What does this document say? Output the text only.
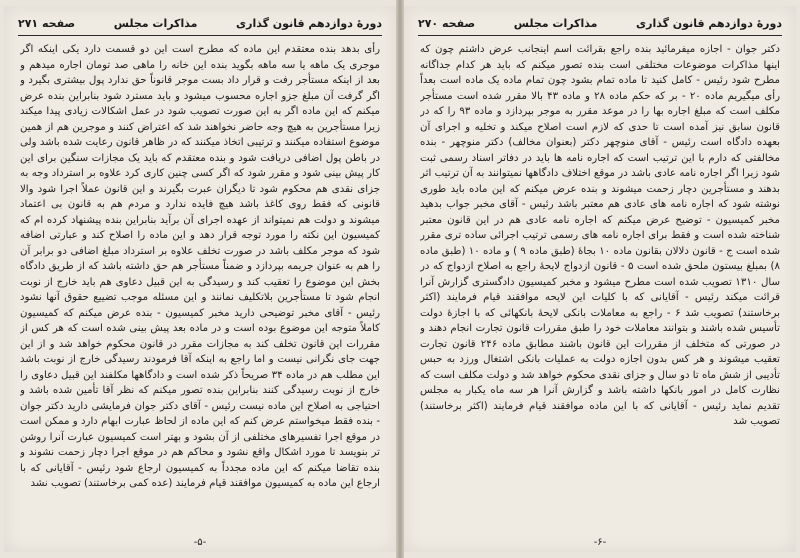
دورهٔ دوازدهم قانون گذاری
مذاکرات مجلس
صفحه ۲۷۱

رأی بدهد بنده معتقدم این ماده که مطرح است این دو قسمت دارد یکی اینکه اگر موجری یک ماهه یا سه ماهه بگوید بنده این خانه را ماهی صد تومان اجاره میدهم و بعد از اینکه مستأجر رفت و قرار داد بست موجر قانوناً حق ندارد پول بیشتری بگیرد و اگر گرفت آن مبلغ جزو اجاره محسوب میشود و باید مسترد شود بنابراین بنده عرض میکنم که این ماده اگر به این صورت تصویب شود در عمل اشکالات زیادی پیدا میکند زیرا مستأجرین به هیچ وجه حاضر نخواهند شد که اعتراض کنند و موجرین هم از همین موضوع استفاده میکنند و ترتیبی اتخاذ میکنند که در ظاهر قانون رعایت شده باشد ولی در باطن پول اضافی دریافت شود و بنده معتقدم که باید یک مجازات سنگین برای این کار پیش بینی شود و مقرر شود که اگر کسی چنین کاری کرد علاوه بر استرداد وجه به جزای نقدی هم محکوم شود تا دیگران عبرت بگیرند و این قانون عملاً اجرا شود والا قانونی که فقط روی کاغذ باشد هیچ فایده ندارد و مردم هم به قانون بی اعتماد میشوند و دولت هم نمیتواند از عهده اجرای آن برآید بنابراین بنده پیشنهاد کرده ام که کمیسیون این نکته را مورد توجه قرار دهد و این ماده را اصلاح کند و عبارتی اضافه شود که موجر مکلف باشد در صورت تخلف علاوه بر استرداد مبلغ اضافی دو برابر آن را هم به عنوان جریمه بپردازد و ضمناً مستأجر هم حق داشته باشد که از طریق دادگاه بخش این موضوع را تعقیب کند و رسیدگی به این قبیل دعاوی هم باید خارج از نوبت انجام شود تا مستأجرین بلاتکلیف نمانند و این مسئله موجب تضییع حقوق آنها نشود رئیس - آقای مخبر توضیحی دارید مخبر کمیسیون - بنده عرض میکنم که کمیسیون کاملاً متوجه این موضوع بوده است و در ماده بعد پیش بینی شده است که هر کس از مقررات این قانون تخلف کند به مجازات مقرر در قانون محکوم خواهد شد و از این جهت جای نگرانی نیست و اما راجع به اینکه آقا فرمودند رسیدگی خارج از نوبت باشد این مطلب هم در ماده ۳۴ صریحاً ذکر شده است و دادگاهها مکلفند این قبیل دعاوی را خارج از نوبت رسیدگی کنند بنابراین بنده تصور میکنم که نظر آقا تأمین شده باشد و احتیاجی به اصلاح این ماده نیست رئیس - آقای دکتر جوان فرمایشی دارید دکتر جوان - بنده فقط میخواستم عرض کنم که این ماده از لحاظ عبارت ابهام دارد و ممکن است در موقع اجرا تفسیرهای مختلفی از آن بشود و بهتر است کمیسیون عبارت آنرا روشن تر بنویسد تا مورد اشکال واقع نشود و محاکم هم در موقع اجرا دچار زحمت نشوند و بنده تقاضا میکنم که این ماده مجدداً به کمیسیون ارجاع شود رئیس - آقایانی که با ارجاع این ماده به کمیسیون موافقند قیام فرمایند (عده کمی برخاستند) تصویب نشد

-۵-
دورهٔ دوازدهم قانون گذاری
مذاکرات مجلس
صفحه ۲۷۰

دکتر جوان - اجازه میفرمائید بنده راجع بقرائت اسم اینجانب عرض داشتم چون که اینها مذاکرات موضوعات مختلفی است بنده تصور میکنم که باید هر کدام جداگانه مطرح شود رئیس - کامل کنید تا ماده تمام بشود چون تمام ماده یک ماده است بعداً رأی میگیریم ماده ۲۰ - بر که حکم ماده ۲۸ و ماده ۴۳ بالا مقرر شده است مستأجر مکلف است که مبلغ اجاره بها را در موعد مقرر به موجر بپردازد و ماده ۹۳ را که در قانون سابق نیز آمده است تا حدی که لازم است اصلاح میکند و تخلیه و اجرای آن بعهده دادگاه است رئیس - آقای منوچهر دکتر (بعنوان مخالف) دکتر منوچهر - بنده مخالفتی که دارم با این ترتیب است که اجاره نامه ها باید در دفاتر اسناد رسمی ثبت شود زیرا اگر اجاره نامه عادی باشد در موقع اختلاف دادگاهها نمیتوانند به آن ترتیب اثر بدهند و مستأجرین دچار زحمت میشوند و بنده عرض میکنم که این ماده باید طوری نوشته شود که اجاره نامه های عادی هم معتبر باشد رئیس - آقای مخبر جواب بدهید مخبر کمیسیون - توضیح عرض میکنم که اجاره نامه عادی هم در این قانون معتبر شناخته شده است و فقط برای اجاره نامه های رسمی ترتیب اجرائی ساده تری مقرر شده است ج - قانون دلالان بقانون ماده ۱۰ بجاهٔ (طبق ماده ۹ ) و ماده ۱۰ (طبق ماده ۸) بمبلغ بیستون ملحق شده است ۵ - قانون ازدواج لایحهٔ راجع به اصلاح ازدواج که در سال ۱۳۱۰ تصویب شده است مطرح میشود و مخبر کمیسیون دادگستری گزارش آنرا قرائت میکند رئیس - آقایانی که با کلیات این لایحه موافقند قیام فرمایند (اکثر برخاستند) تصویب شد ۶ - راجع به معاملات بانکی لایحهٔ بانکهائی که با اجازهٔ دولت تأسیس شده باشند و بتوانند معاملات خود را طبق مقررات قانون تجارت انجام دهند و در صورتی که متخلف از مقررات این قانون باشند مطابق ماده ۲۴۶ قانون تجارت تعقیب میشوند و هر کس بدون اجازه دولت به عملیات بانکی اشتغال ورزد به حبس تأدیبی از شش ماه تا دو سال و جزای نقدی محکوم خواهد شد و دولت مکلف است که نظارت کامل در امور بانکها داشته باشد و گزارش آنرا هر سه ماه یکبار به مجلس تقدیم نماید رئیس - آقایانی که با این ماده موافقند قیام فرمایند (اکثر برخاستند) تصویب شد

-۶-
